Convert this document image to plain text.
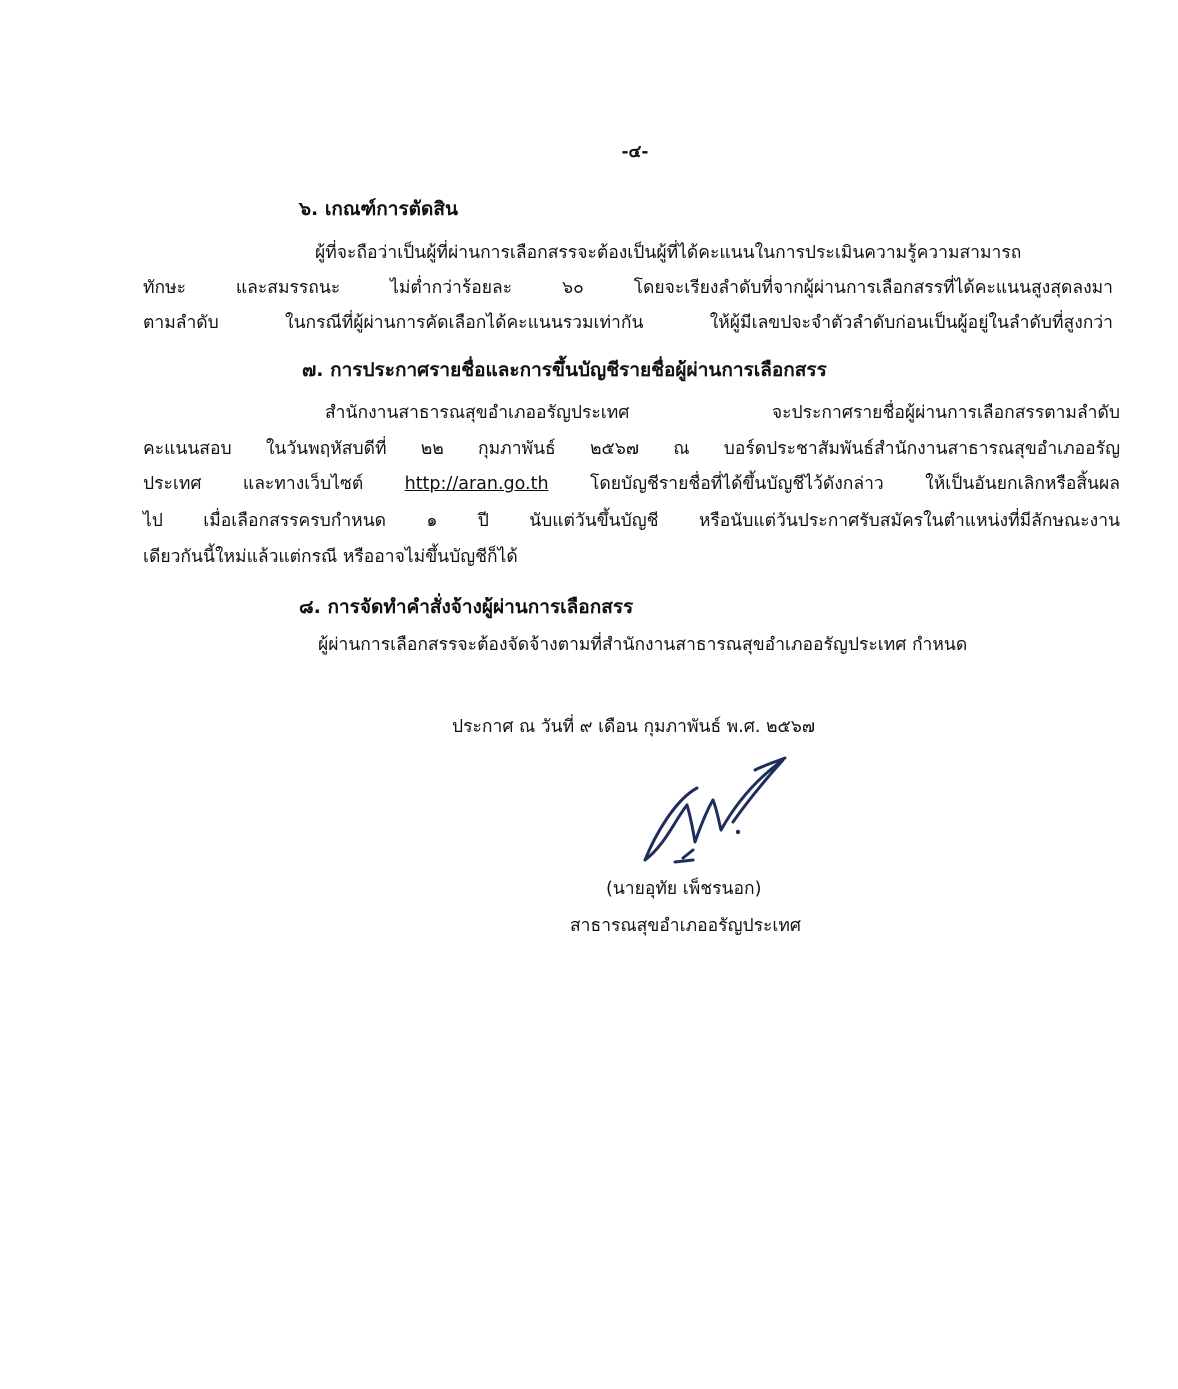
-๔-
๖. เกณฑ์การตัดสิน
ผู้ที่จะถือว่าเป็นผู้ที่ผ่านการเลือกสรรจะต้องเป็นผู้ที่ได้คะแนนในการประเมินความรู้ความสามารถ
ทักษะ และสมรรถนะ ไม่ต่ำกว่าร้อยละ ๖๐ โดยจะเรียงลำดับที่จากผู้ผ่านการเลือกสรรที่ได้คะแนนสูงสุดลงมา
ตามลำดับ ในกรณีที่ผู้ผ่านการคัดเลือกได้คะแนนรวมเท่ากัน ให้ผู้มีเลขปจะจำตัวลำดับก่อนเป็นผู้อยู่ในลำดับที่สูงกว่า
๗. การประกาศรายชื่อและการขึ้นบัญชีรายชื่อผู้ผ่านการเลือกสรร
สำนักงานสาธารณสุขอำเภออรัญประเทศ จะประกาศรายชื่อผู้ผ่านการเลือกสรรตามลำดับ
คะแนนสอบ ในวันพฤหัสบดีที่ ๒๒ กุมภาพันธ์ ๒๕๖๗ ณ บอร์ดประชาสัมพันธ์สำนักงานสาธารณสุขอำเภออรัญ
ประเทศ และทางเว็บไซต์ http://aran.go.th โดยบัญชีรายชื่อที่ได้ขึ้นบัญชีไว้ดังกล่าว ให้เป็นอันยกเลิกหรือสิ้นผล
ไป เมื่อเลือกสรรครบกำหนด ๑ ปี นับแต่วันขึ้นบัญชี หรือนับแต่วันประกาศรับสมัครในตำแหน่งที่มีลักษณะงาน
เดียวกันนี้ใหม่แล้วแต่กรณี หรืออาจไม่ขึ้นบัญชีก็ได้
๘. การจัดทำคำสั่งจ้างผู้ผ่านการเลือกสรร
ผู้ผ่านการเลือกสรรจะต้องจัดจ้างตามที่สำนักงานสาธารณสุขอำเภออรัญประเทศ กำหนด
ประกาศ ณ วันที่ ๙ เดือน กุมภาพันธ์ พ.ศ. ๒๕๖๗
(นายอุทัย เพ็ชรนอก)
สาธารณสุขอำเภออรัญประเทศ
